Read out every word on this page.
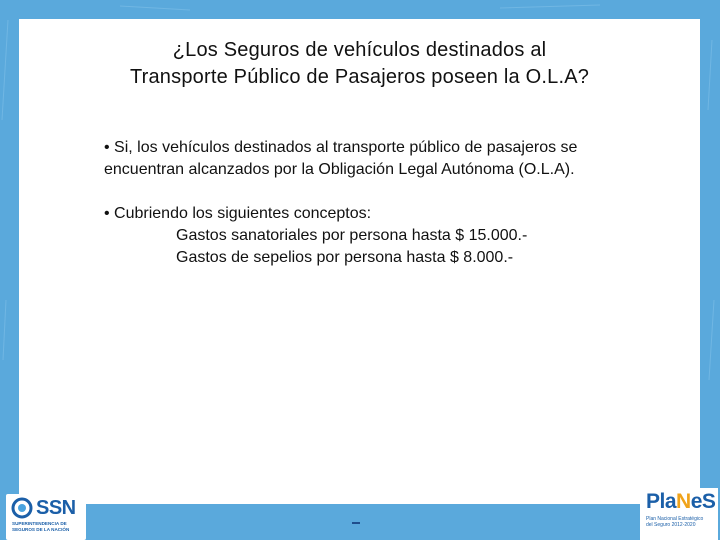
¿Los Seguros de vehículos destinados al
Transporte Público de Pasajeros poseen la O.L.A?
• Si, los vehículos destinados al transporte público de pasajeros se
encuentran alcanzados por la Obligación Legal Autónoma (O.L.A).
• Cubriendo los siguientes conceptos:
Gastos sanatoriales por persona hasta $ 15.000.-
Gastos de sepelios por persona hasta $ 8.000.-
SSN
SUPERINTENDENCIA DE
SEGUROS DE LA NACIÓN
PlaNeS
Plan Nacional Estratégico
del Seguro 2012-2020
